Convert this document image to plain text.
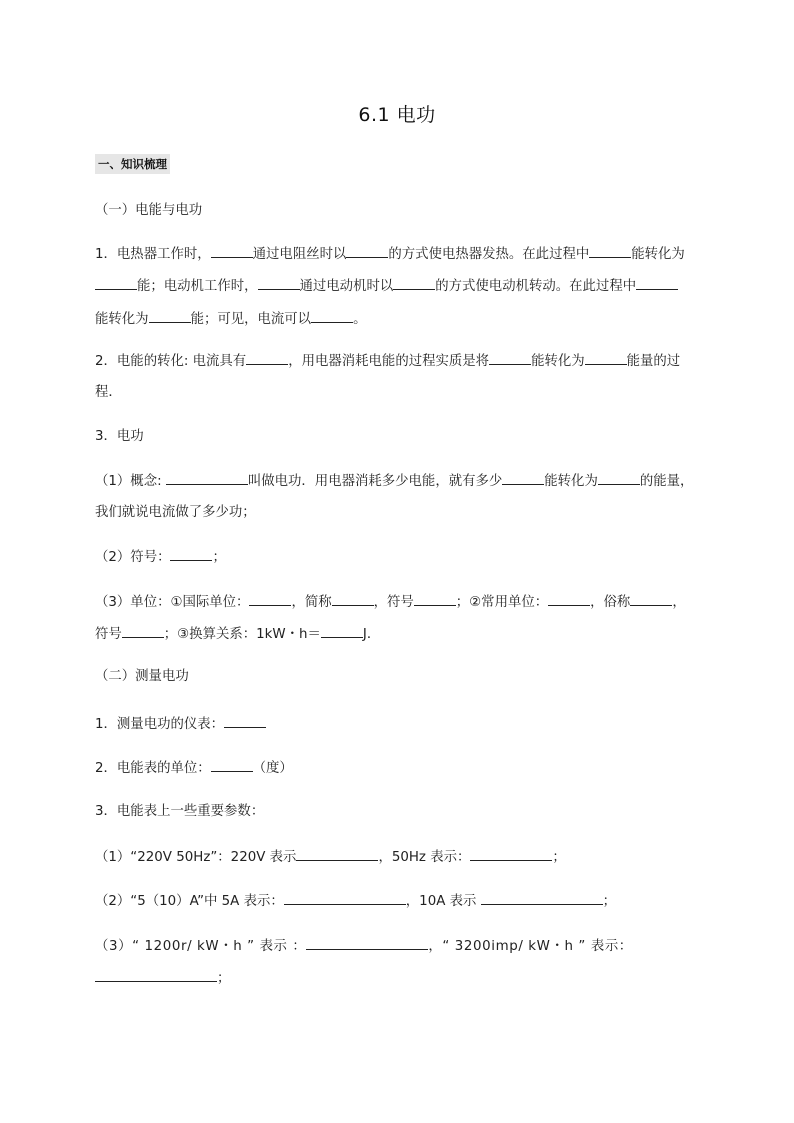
6.1 电功
一、知识梳理
（一）电能与电功
1．电热器工作时，	通过电阻丝时以	的方式使电热器发热。在此过程中	能转化为
能；电动机工作时，	通过电动机时以	的方式使电动机转动。在此过程中
能转化为	能；可见，电流可以	。
2．电能的转化: 电流具有	，用电器消耗电能的过程实质是将	能转化为	能量的过
程．
3．电功
（1）概念:	叫做电功．用电器消耗多少电能，就有多少	能转化为	的能量，
我们就说电流做了多少功；
（2）符号：	；
（3）单位：①国际单位：	，简称	，符号	；②常用单位：	，俗称	，
符号	；③换算关系：1kW・h＝	J．
（二）测量电功
1．测量电功的仪表：
2．电能表的单位：	（度）
3．电能表上一些重要参数：
（1）“220V 50Hz”：220V 表示	，50Hz 表示：	；
（2）“5（10）A”中 5A 表示：	，10A 表示	；
（3）“ 1200r/ kW・h ” 表示 ：	，“ 3200imp/ kW・h ” 表示：
；
